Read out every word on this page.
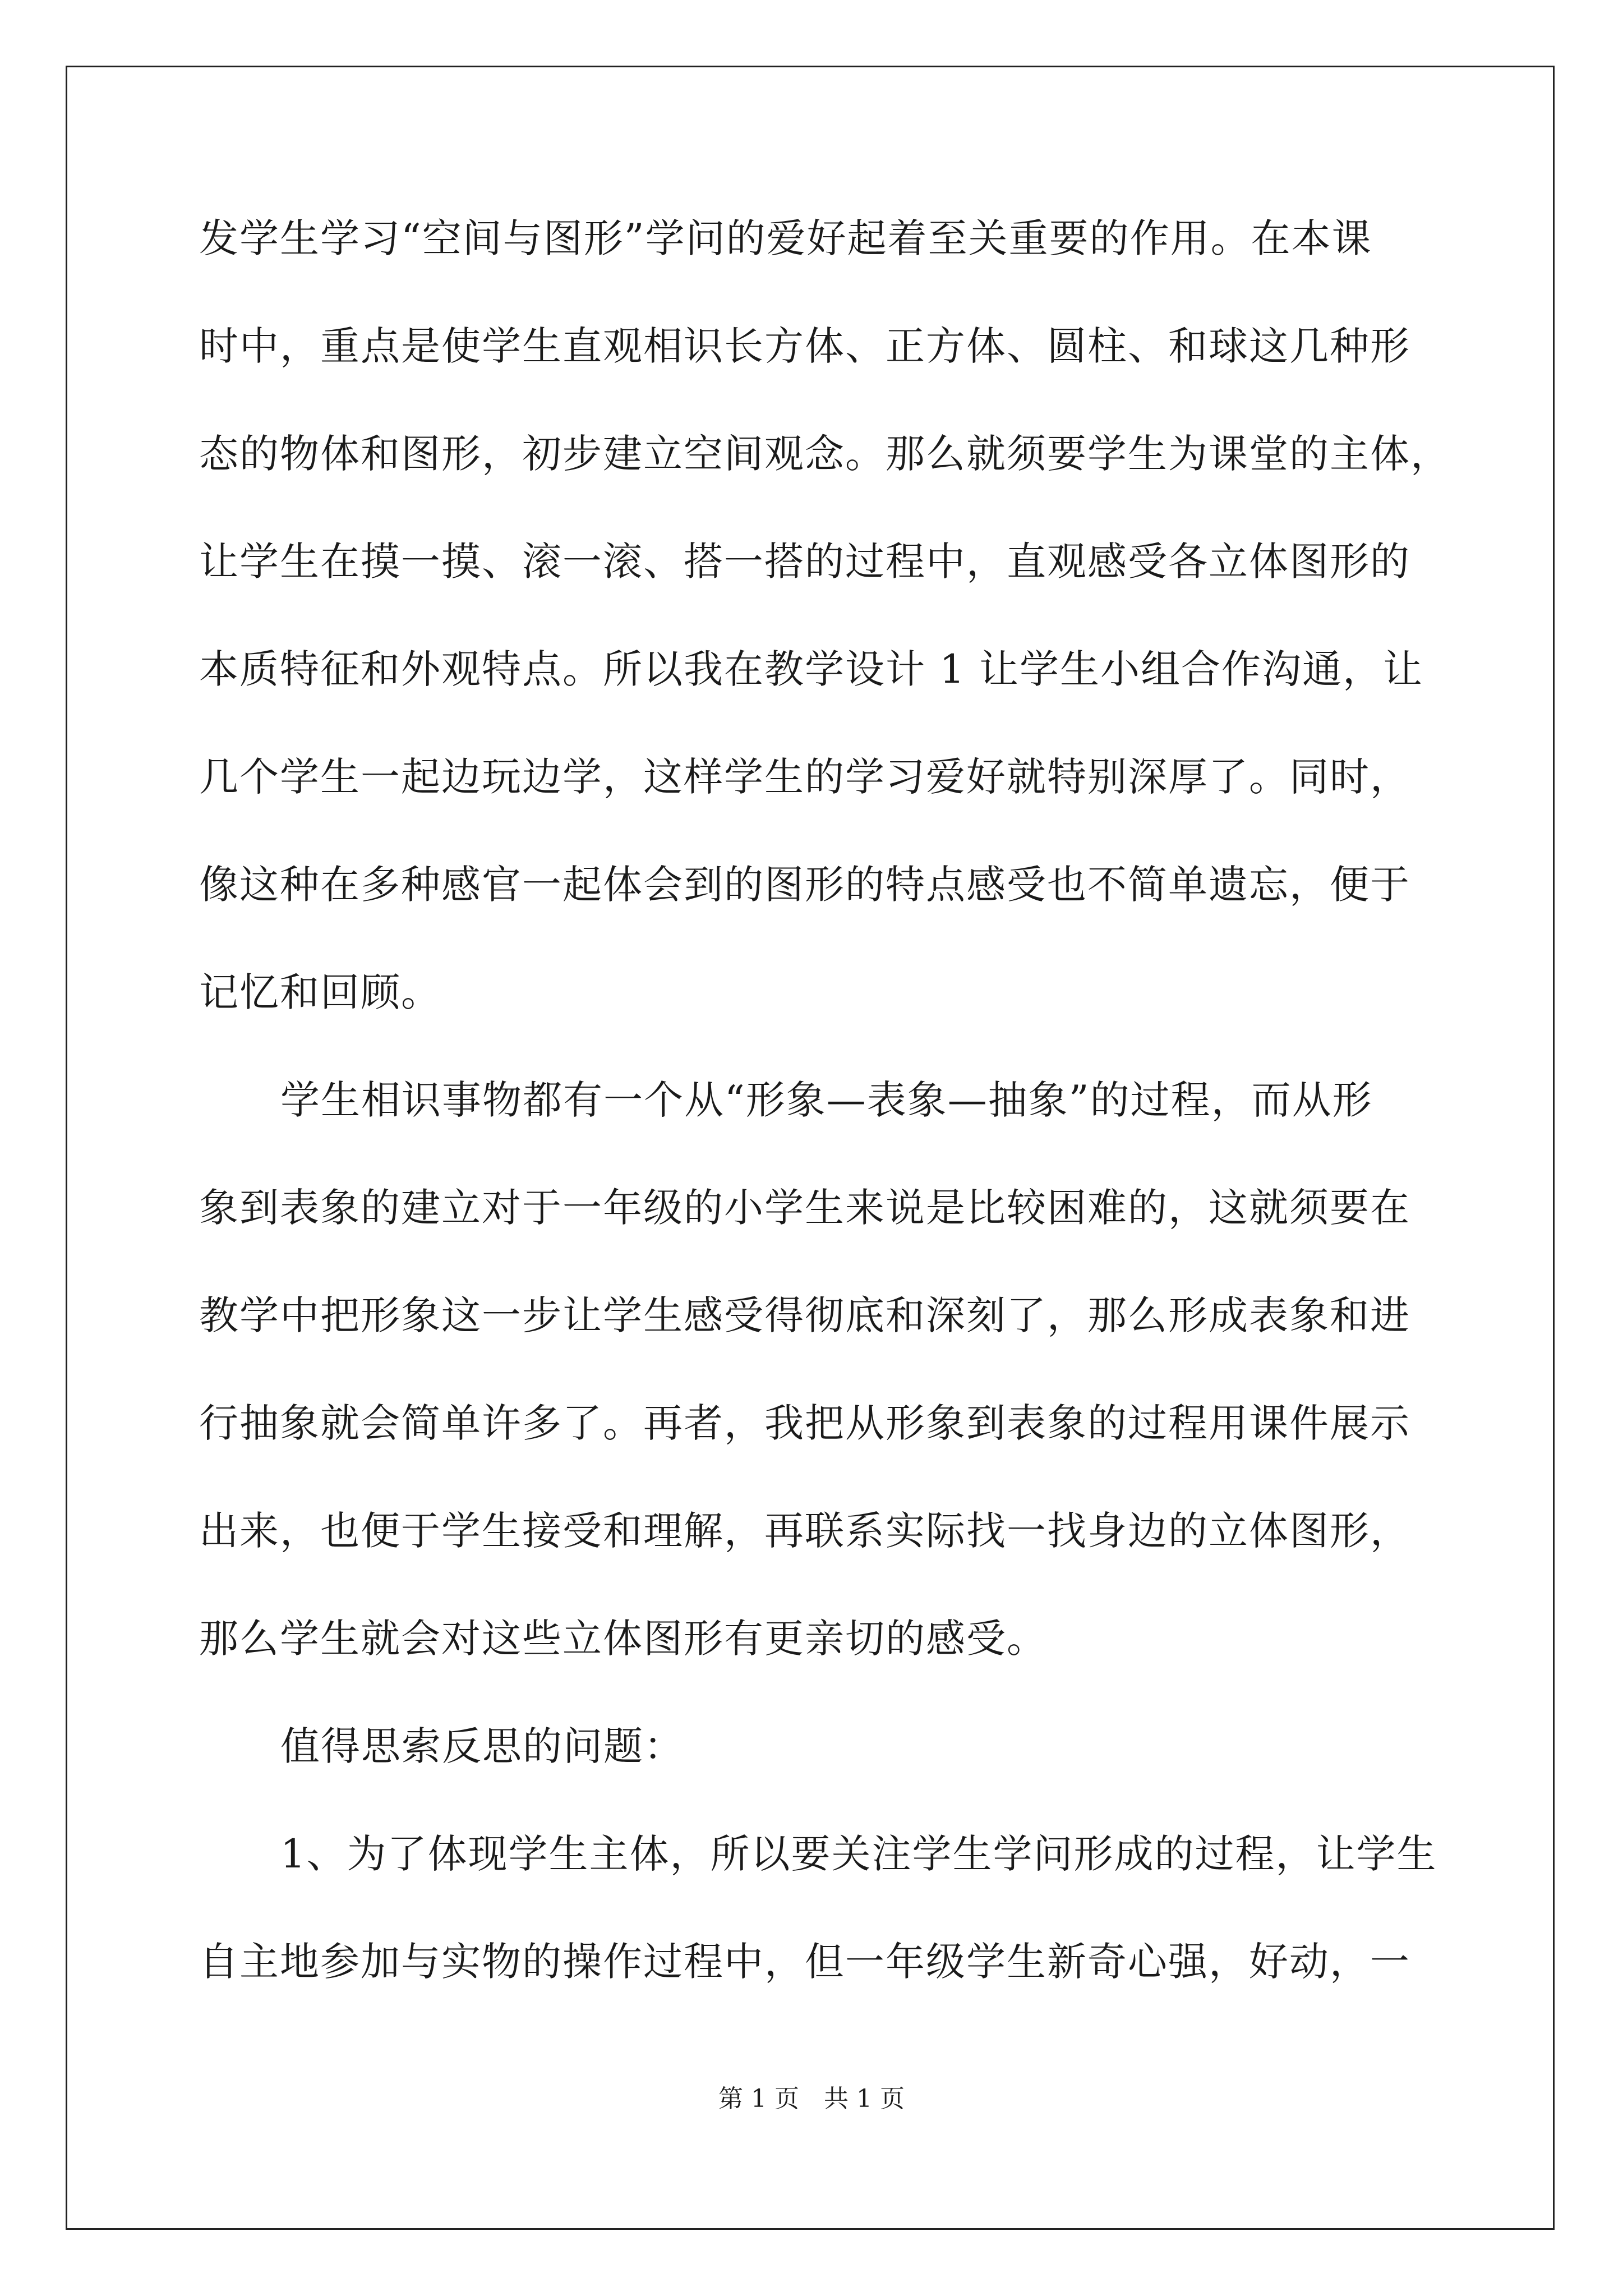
发学生学习“空间与图形”学问的爱好起着至关重要的作用。在本课
时中，重点是使学生直观相识长方体、正方体、圆柱、和球这几种形
态的物体和图形，初步建立空间观念。那么就须要学生为课堂的主体，
让学生在摸一摸、滚一滚、搭一搭的过程中，直观感受各立体图形的
本质特征和外观特点。所以我在教学设计 1 让学生小组合作沟通，让
几个学生一起边玩边学，这样学生的学习爱好就特别深厚了。同时，
像这种在多种感官一起体会到的图形的特点感受也不简单遗忘，便于
记忆和回顾。
学生相识事物都有一个从“形象—表象—抽象”的过程，而从形
象到表象的建立对于一年级的小学生来说是比较困难的，这就须要在
教学中把形象这一步让学生感受得彻底和深刻了，那么形成表象和进
行抽象就会简单许多了。再者，我把从形象到表象的过程用课件展示
出来，也便于学生接受和理解，再联系实际找一找身边的立体图形，
那么学生就会对这些立体图形有更亲切的感受。
值得思索反思的问题：
1、为了体现学生主体，所以要关注学生学问形成的过程，让学生
自主地参加与实物的操作过程中，但一年级学生新奇心强，好动，一
第 1 页　共 1 页
